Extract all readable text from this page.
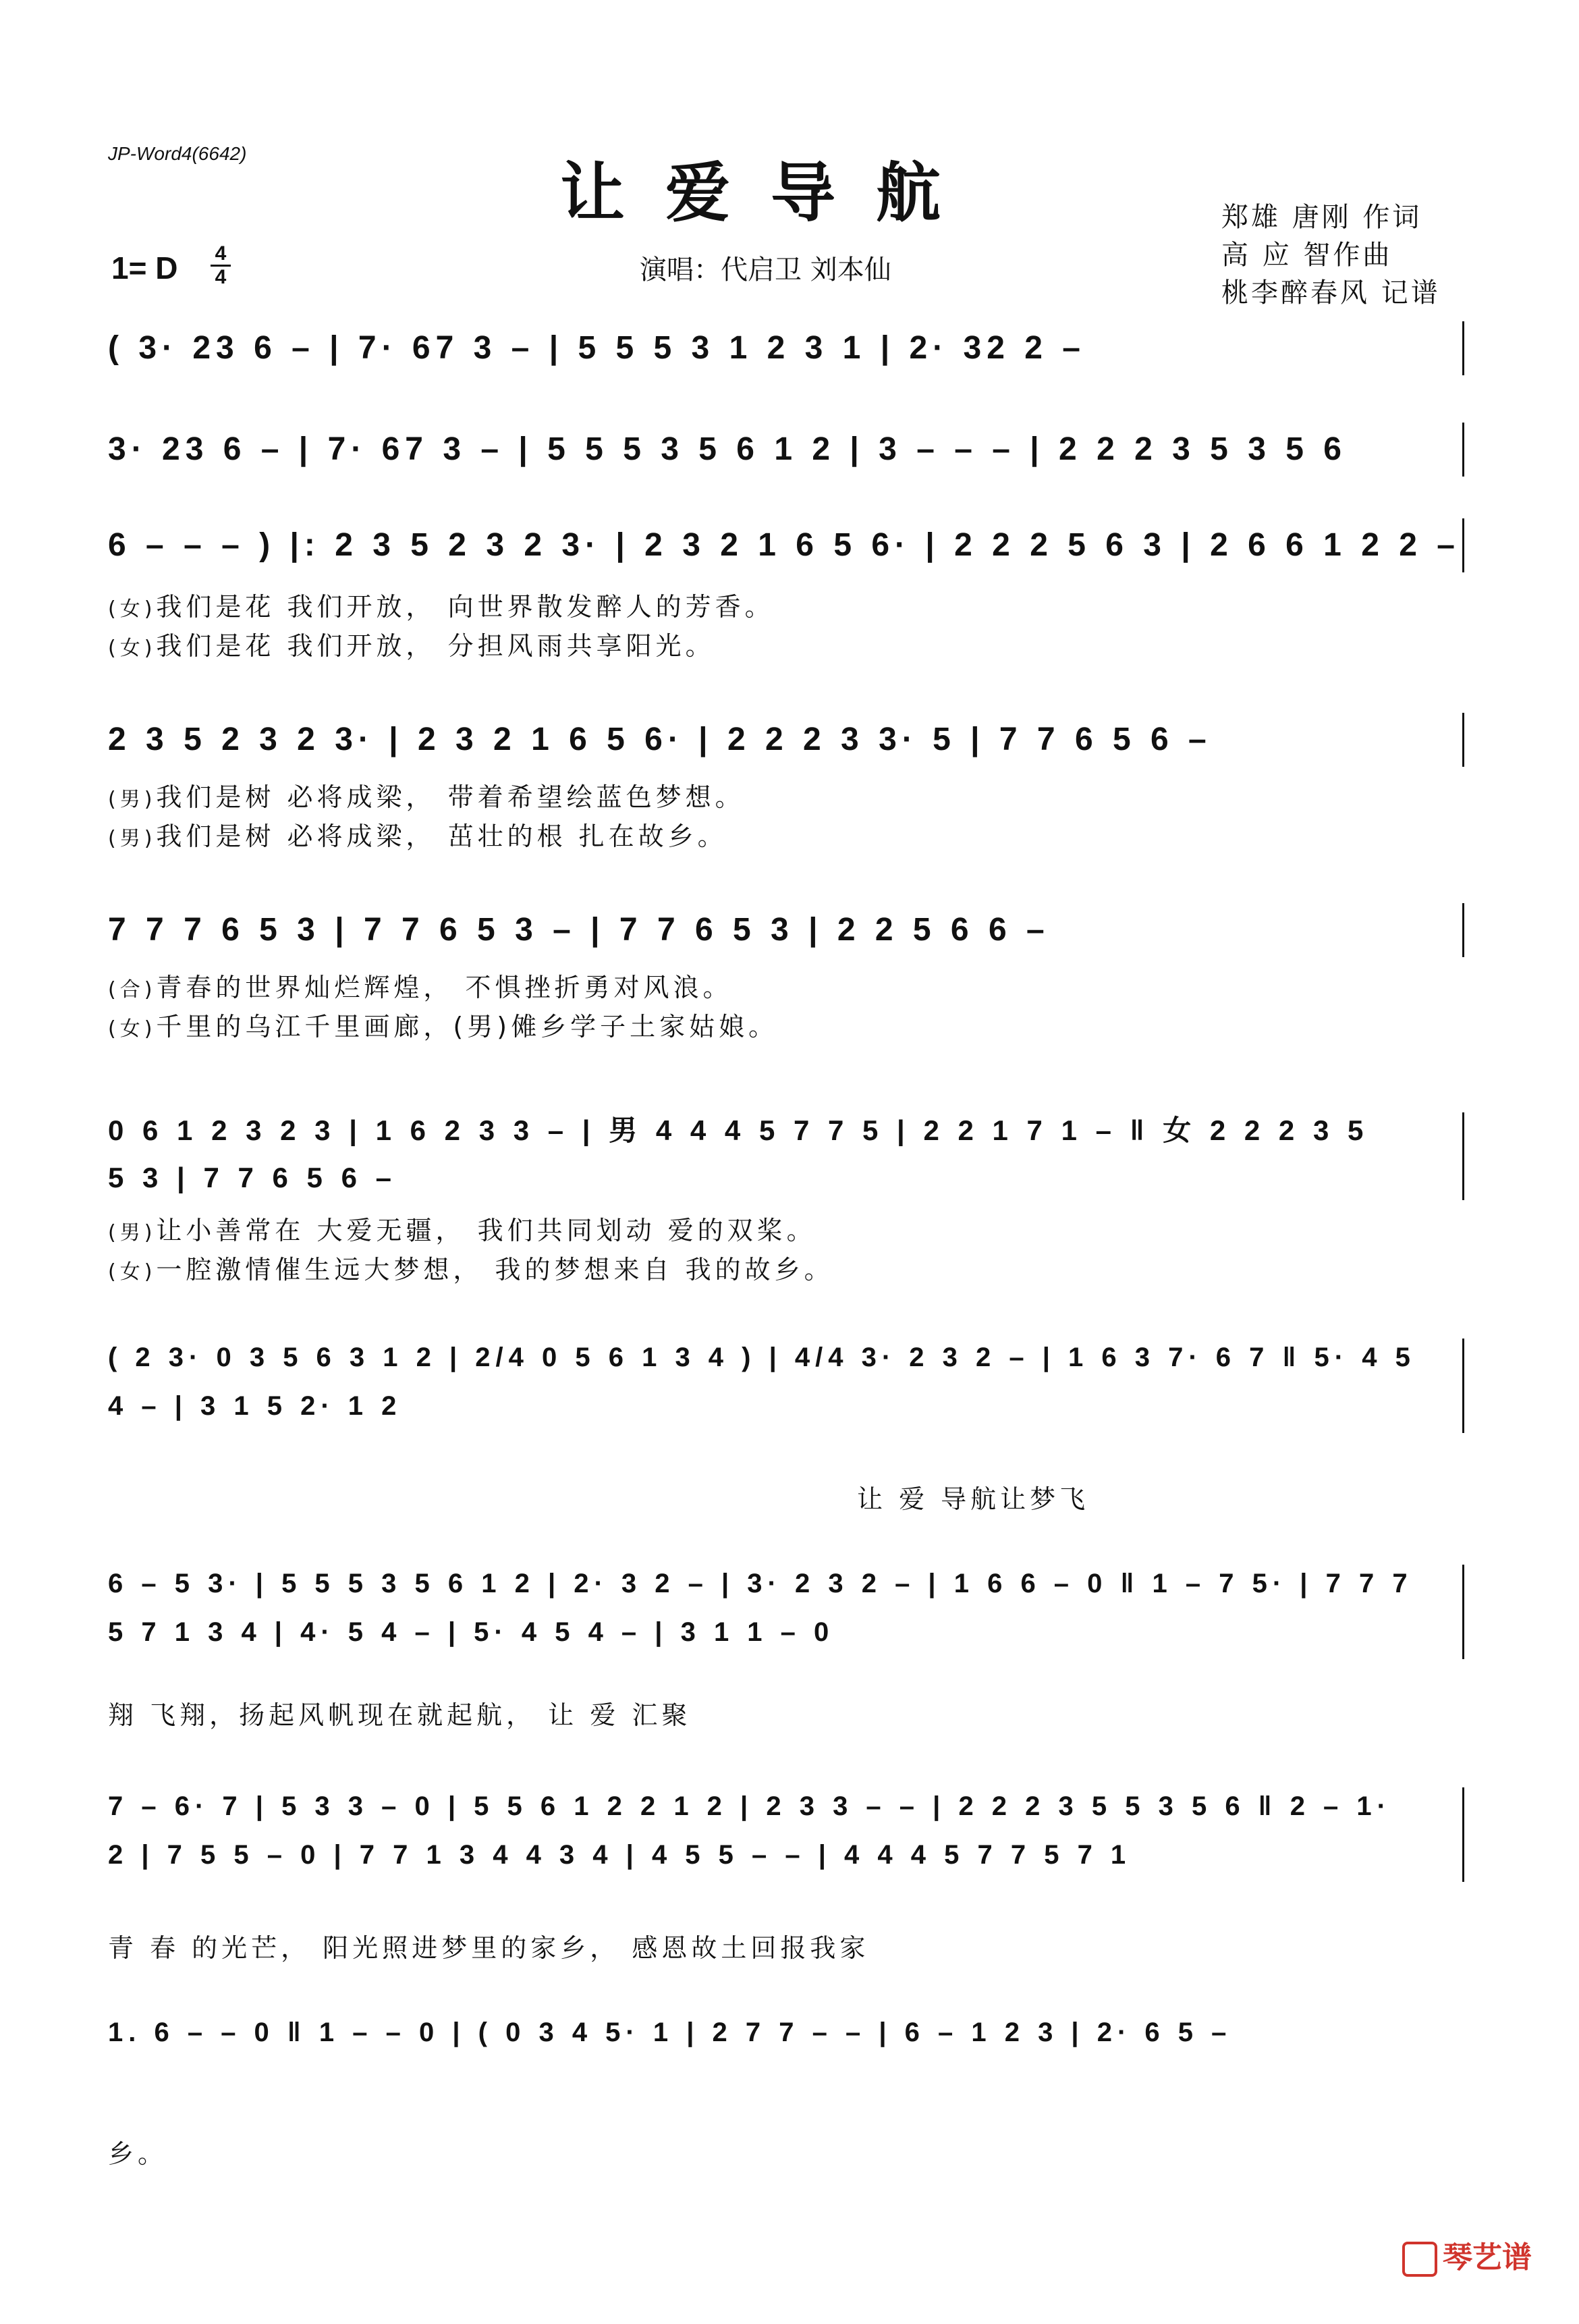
JP-Word4(6642)
让爱导航
1= D 4
4	演唱：代启卫 刘本仙
郑雄 唐刚 作词
高 应 智作曲
桃李醉春风 记谱
( 3· 23 6 – | 7· 67 3 – | 5 5 5 3 1 2 3 1 | 2· 32 2 –
3· 23 6 – | 7· 67 3 – | 5 5 5 3 5 6 1 2 | 3 – – – | 2 2 2 3 5 3 5 6
6 – – – ) |: 2 3 5 2 3 2 3· | 2 3 2 1 6 5 6· | 2 2 2 5 6 3 | 2 6 6 1 2 2 –
(女)我们是花 我们开放， 向世界散发醉人的芳香。
(女)我们是花 我们开放， 分担风雨共享阳光。
2 3 5 2 3 2 3· | 2 3 2 1 6 5 6· | 2 2 2 3 3· 5 | 7 7 6 5 6 –
(男)我们是树 必将成梁， 带着希望绘蓝色梦想。
(男)我们是树 必将成梁， 茁壮的根 扎在故乡。
7 7 7 6 5 3 | 7 7 6 5 3 – | 7 7 6 5 3 | 2 2 5 6 6 –
(合)青春的世界灿烂辉煌， 不惧挫折勇对风浪。
(女)千里的乌江千里画廊，(男)傩乡学子土家姑娘。
0 6 1 2 3 2 3 | 1 6 2 3 3 – | 男 4 4 4 5 7 7 5 | 2 2 1 7 1 – ‖ 女 2 2 2 3 5 5 3 | 7 7 6 5 6 –
(男)让小善常在 大爱无疆， 我们共同划动 爱的双桨。
(女)一腔激情催生远大梦想， 我的梦想来自 我的故乡。
( 2 3· 0 3 5 6 3 1 2 | 2/4 0 5 6 1 3 4 ) | 4/4 3· 2 3 2 – | 1 6 3 7· 6 7 ‖ 5· 4 5 4 – | 3 1 5 2· 1 2
让 爱 导航让梦飞
6 – 5 3· | 5 5 5 3 5 6 1 2 | 2· 3 2 – | 3· 2 3 2 – | 1 6 6 – 0 ‖ 1 – 7 5· | 7 7 7 5 7 1 3 4 | 4· 5 4 – | 5· 4 5 4 – | 3 1 1 – 0
翔 飞翔，扬起风帆现在就起航， 让 爱 汇聚
7 – 6· 7 | 5 3 3 – 0 | 5 5 6 1 2 2 1 2 | 2 3 3 – – | 2 2 2 3 5 5 3 5 6 ‖ 2 – 1· 2 | 7 5 5 – 0 | 7 7 1 3 4 4 3 4 | 4 5 5 – – | 4 4 4 5 7 7 5 7 1
青 春 的光芒， 阳光照进梦里的家乡， 感恩故土回报我家
1. 6 – – 0 ‖ 1 – – 0 | ( 0 3 4 5· 1 | 2 7 7 – – | 6 – 1 2 3 | 2· 6 5 –
乡。
琴艺谱
